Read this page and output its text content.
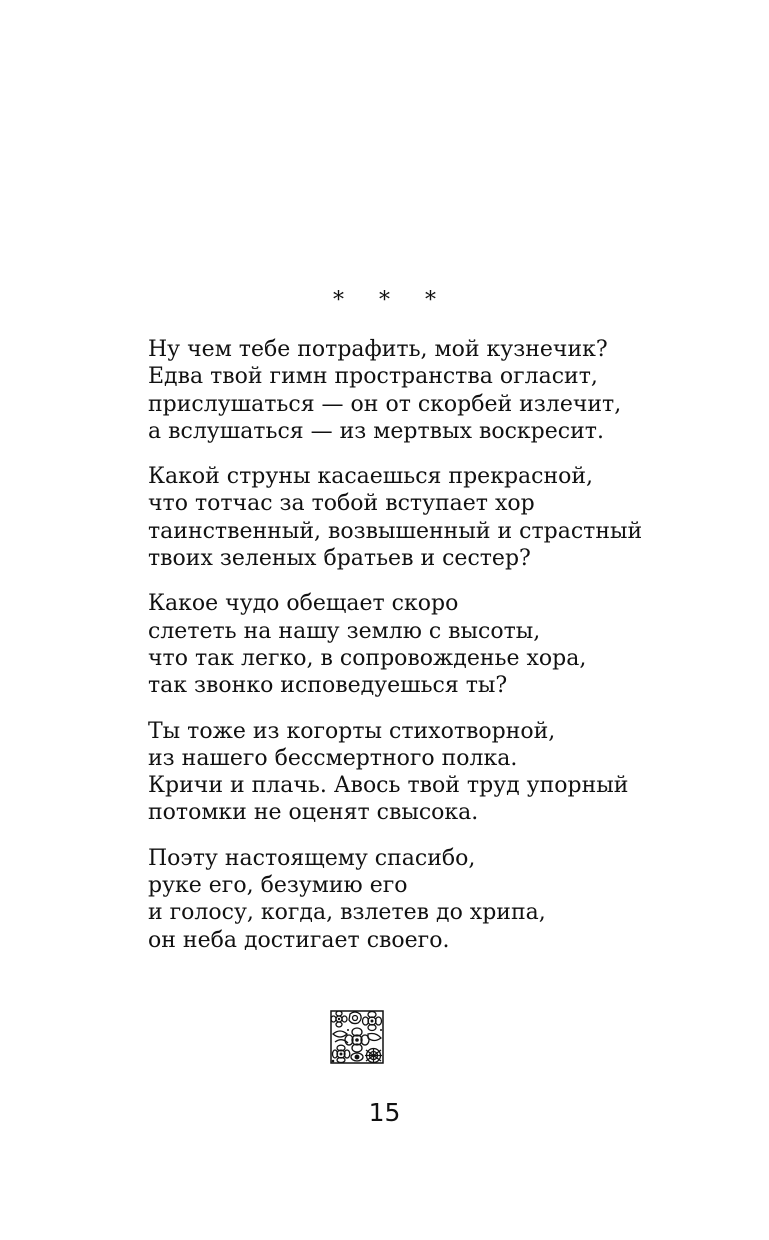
* * *
Ну чем тебе потрафить, мой кузнечик?
Едва твой гимн пространства огласит,
прислушаться — он от скорбей излечит,
а вслушаться — из мертвых воскресит.
Какой струны касаешься прекрасной,
что тотчас за тобой вступает хор
таинственный, возвышенный и страстный
твоих зеленых братьев и сестер?
Какое чудо обещает скоро
слететь на нашу землю с высоты,
что так легко, в сопровожденье хора,
так звонко исповедуешься ты?
Ты тоже из когорты стихотворной,
из нашего бессмертного полка.
Кричи и плачь. Авось твой труд упорный
потомки не оценят свысока.
Поэту настоящему спасибо,
руке его, безумию его
и голосу, когда, взлетев до хрипа,
он неба достигает своего.
15
